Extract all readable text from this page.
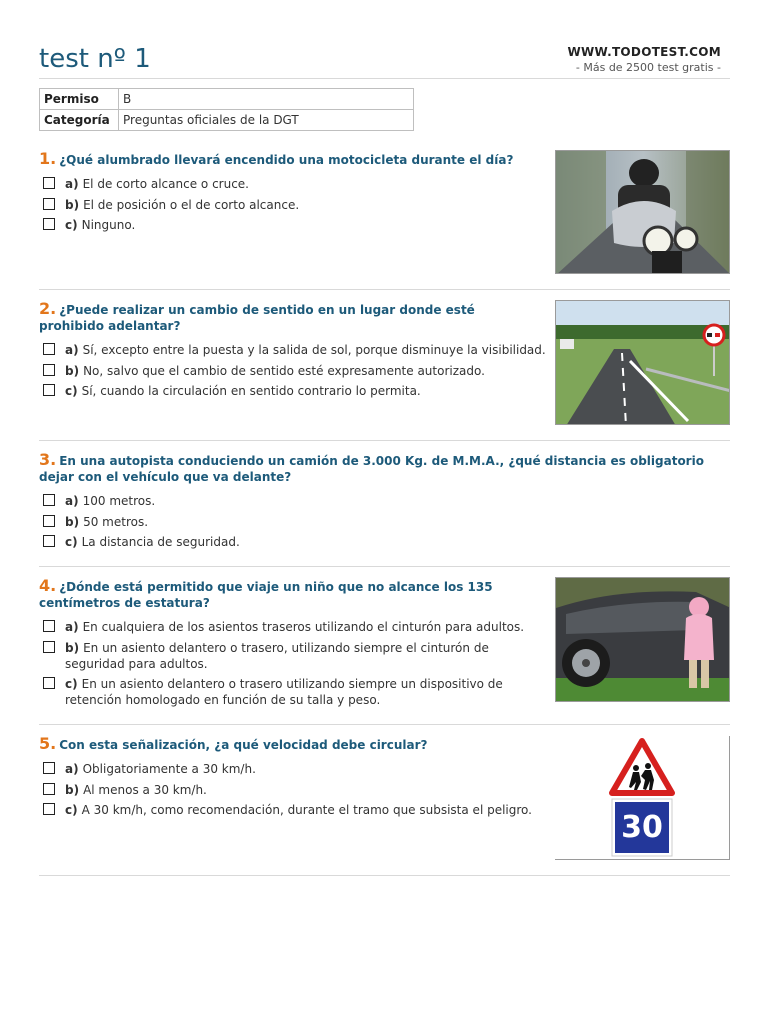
test nº 1	WWW.TODOTEST.COM
- Más de 2500 test gratis -
Permiso	B
Categoría	Preguntas oficiales de la DGT
1. ¿Qué alumbrado llevará encendido una motocicleta durante el día?
a) El de corto alcance o cruce.
b) El de posición o el de corto alcance.
c) Ninguno.
2. ¿Puede realizar un cambio de sentido en un lugar donde esté prohibido adelantar?
a) Sí, excepto entre la puesta y la salida de sol, porque disminuye la visibilidad.
b) No, salvo que el cambio de sentido esté expresamente autorizado.
c) Sí, cuando la circulación en sentido contrario lo permita.
3. En una autopista conduciendo un camión de 3.000 Kg. de M.M.A., ¿qué distancia es obligatorio dejar con el vehículo que va delante?
a) 100 metros.
b) 50 metros.
c) La distancia de seguridad.
4. ¿Dónde está permitido que viaje un niño que no alcance los 135 centímetros de estatura?
a) En cualquiera de los asientos traseros utilizando el cinturón para adultos.
b) En un asiento delantero o trasero, utilizando siempre el cinturón de seguridad para adultos.
c) En un asiento delantero o trasero utilizando siempre un dispositivo de retención homologado en función de su talla y peso.
5. Con esta señalización, ¿a qué velocidad debe circular?
a) Obligatoriamente a 30 km/h.
b) Al menos a 30 km/h.
c) A 30 km/h, como recomendación, durante el tramo que subsista el peligro.	30
